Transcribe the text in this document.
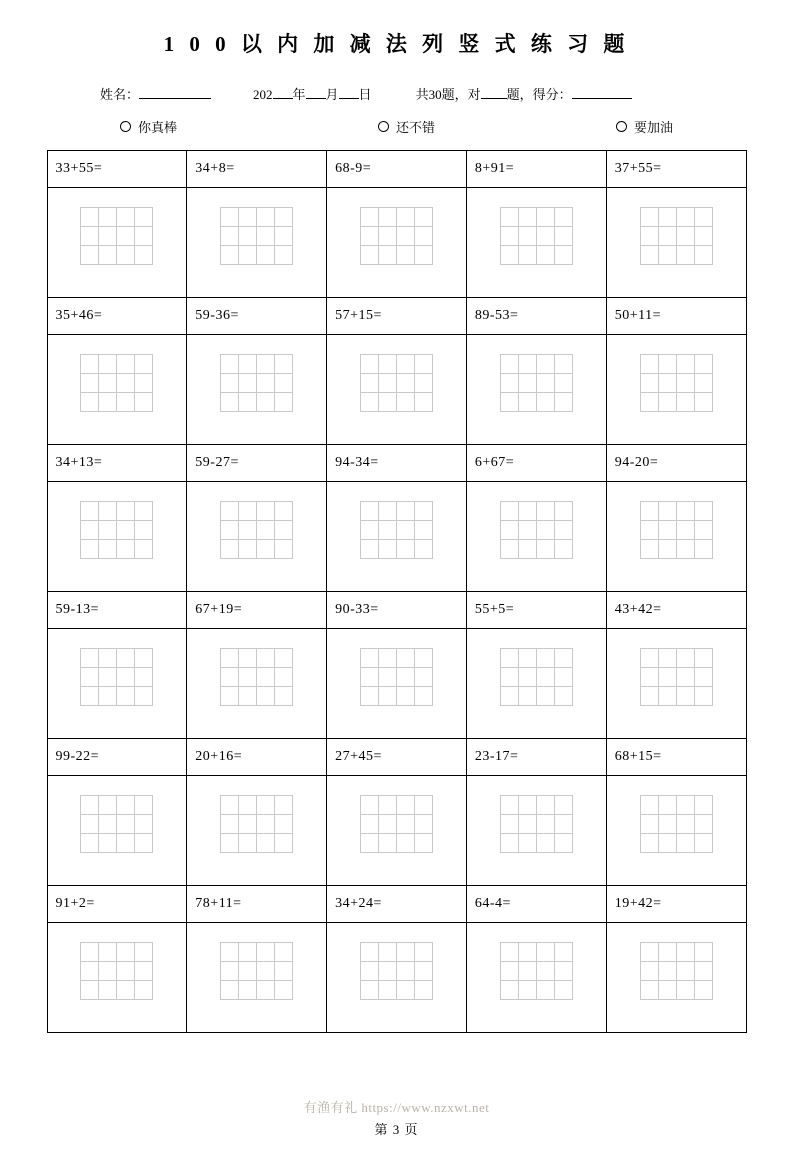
1 0 0 以 内 加 减 法 列 竖 式 练 习 题
姓名：	202 年 月 日	共30题，对 题，得分：
你真棒	还不错	要加油
33+55=	34+8=	68-9=	8+91=	37+55=

35+46=	59-36=	57+15=	89-53=	50+11=

34+13=	59-27=	94-34=	6+67=	94-20=

59-13=	67+19=	90-33=	55+5=	43+42=

99-22=	20+16=	27+45=	23-17=	68+15=

91+2=	78+11=	34+24=	64-4=	19+42=
有渔有礼 https://www.nzxwt.net
第 3 页
